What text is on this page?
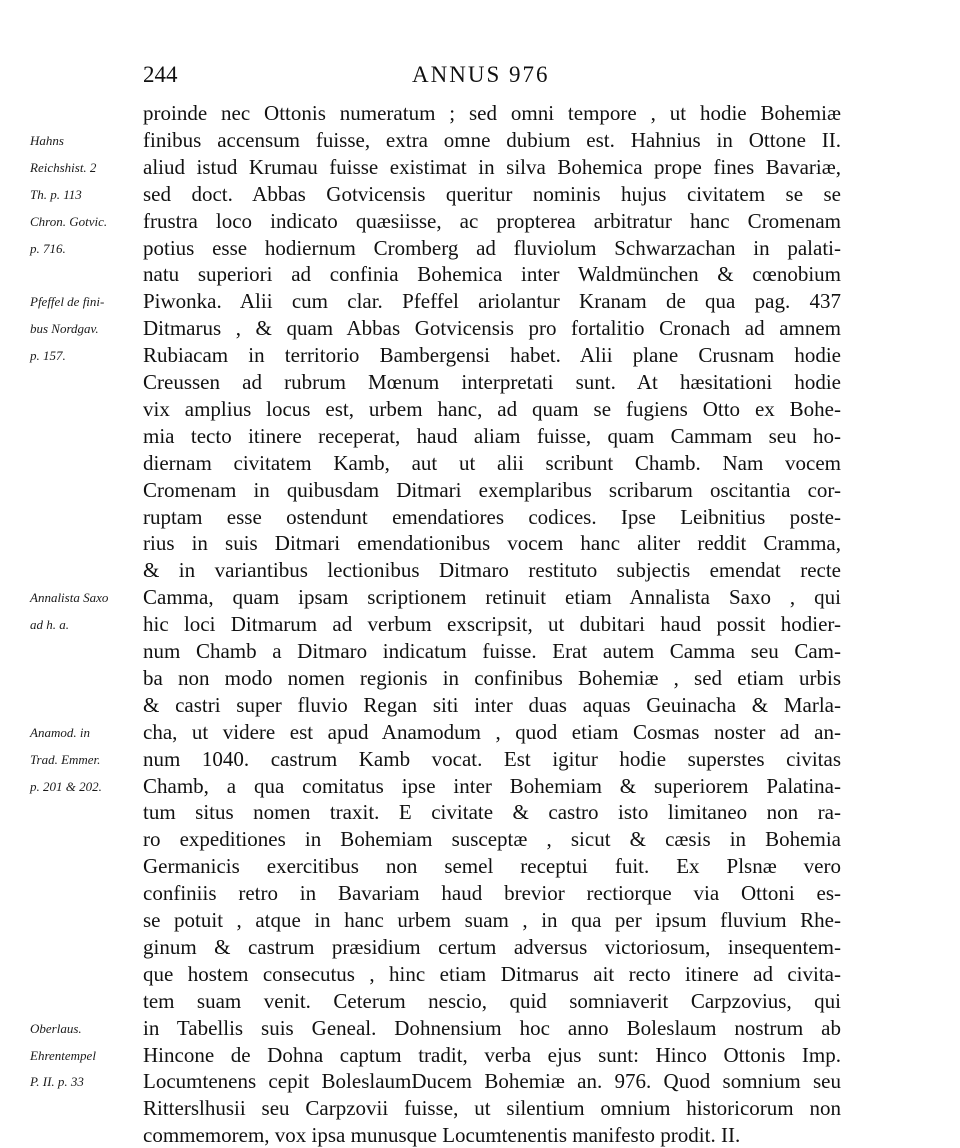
244	ANNUS 976
proinde nec Ottonis numeratum ; sed omni tempore , ut hodie Bohemiæ
finibus accensum fuisse, extra omne dubium est. Hahnius in Ottone II.
aliud istud Krumau fuisse existimat in silva Bohemica prope fines Bavariæ,
sed doct. Abbas Gotvicensis queritur nominis hujus civitatem se se
frustra loco indicato quæsiisse, ac propterea arbitratur hanc Cromenam
potius esse hodiernum Cromberg ad fluviolum Schwarzachan in palati-
natu superiori ad confinia Bohemica inter Waldmünchen & cœnobium
Piwonka. Alii cum clar. Pfeffel ariolantur Kranam de qua pag. 437
Ditmarus , & quam Abbas Gotvicensis pro fortalitio Cronach ad amnem
Rubiacam in territorio Bambergensi habet. Alii plane Crusnam hodie
Creussen ad rubrum Mœnum interpretati sunt. At hæsitationi hodie
vix amplius locus est, urbem hanc, ad quam se fugiens Otto ex Bohe-
mia tecto itinere receperat, haud aliam fuisse, quam Cammam seu ho-
diernam civitatem Kamb, aut ut alii scribunt Chamb. Nam vocem
Cromenam in quibusdam Ditmari exemplaribus scribarum oscitantia cor-
ruptam esse ostendunt emendatiores codices. Ipse Leibnitius poste-
rius in suis Ditmari emendationibus vocem hanc aliter reddit Cramma,
& in variantibus lectionibus Ditmaro restituto subjectis emendat recte
Camma, quam ipsam scriptionem retinuit etiam Annalista Saxo , qui
hic loci Ditmarum ad verbum exscripsit, ut dubitari haud possit hodier-
num Chamb a Ditmaro indicatum fuisse. Erat autem Camma seu Cam-
ba non modo nomen regionis in confinibus Bohemiæ , sed etiam urbis
& castri super fluvio Regan siti inter duas aquas Geuinacha & Marla-
cha, ut videre est apud Anamodum , quod etiam Cosmas noster ad an-
num 1040. castrum Kamb vocat. Est igitur hodie superstes civitas
Chamb, a qua comitatus ipse inter Bohemiam & superiorem Palatina-
tum situs nomen traxit. E civitate & castro isto limitaneo non ra-
ro expeditiones in Bohemiam susceptæ , sicut & cæsis in Bohemia
Germanicis exercitibus non semel receptui fuit. Ex Plsnæ vero
confiniis retro in Bavariam haud brevior rectiorque via Ottoni es-
se potuit , atque in hanc urbem suam , in qua per ipsum fluvium Rhe-
ginum & castrum præsidium certum adversus victoriosum, insequentem-
que hostem consecutus , hinc etiam Ditmarus ait recto itinere ad civita-
tem suam venit. Ceterum nescio, quid somniaverit Carpzovius, qui
in Tabellis suis Geneal. Dohnensium hoc anno Boleslaum nostrum ab
Hincone de Dohna captum tradit, verba ejus sunt: Hinco Ottonis Imp.
Locumtenens cepit BoleslaumDucem Bohemiæ an. 976. Quod somnium seu
Ritterslhusii seu Carpzovii fuisse, ut silentium omnium historicorum non
commemorem, vox ipsa munusque Locumtenentis manifesto prodit. II.
Hahns
Reichshist. 2
Th. p. 113
Chron. Gotvic.
p. 716.
Pfeffel de fini-
bus Nordgav.
p. 157.
Annalista Saxo
ad h. a.
Anamod. in
Trad. Emmer.
p. 201 & 202.
Oberlaus.
Ehrentempel
P. II. p. 33
